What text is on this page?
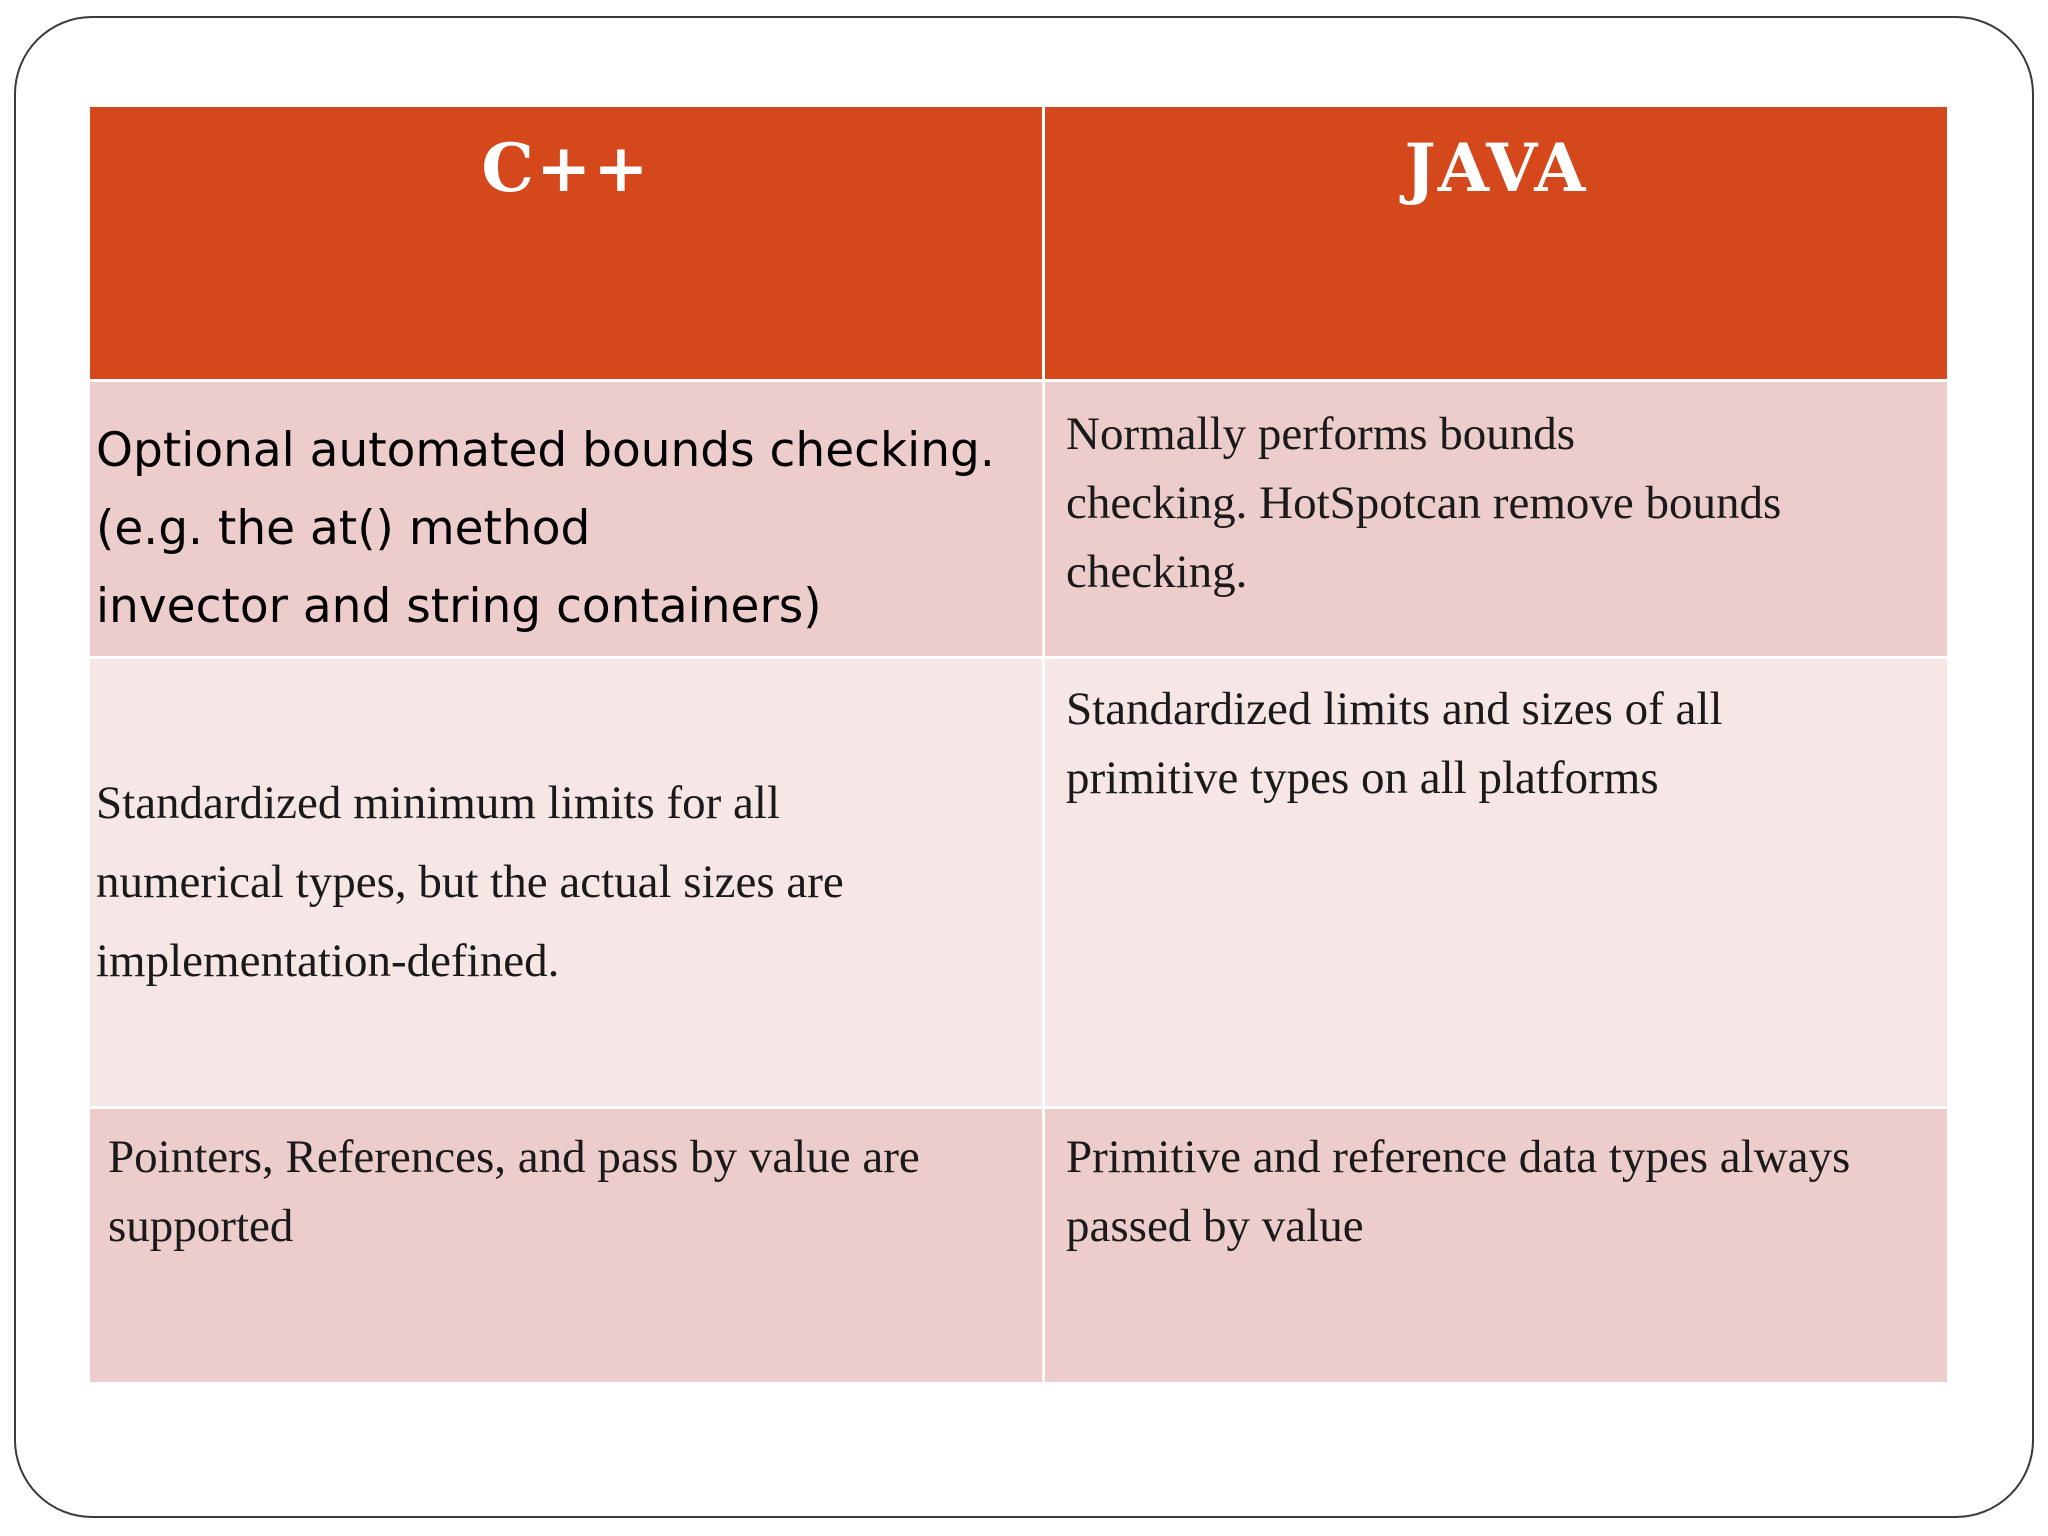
C++	JAVA

Optional automated bounds checking.
(e.g. the at() method
invector and string containers)	Normally performs bounds
checking. HotSpotcan remove bounds
checking.

Standardized minimum limits for all
numerical types, but the actual sizes are
implementation-defined.	Standardized limits and sizes of all
primitive types on all platforms

Pointers, References, and pass by value are
supported	Primitive and reference data types always
passed by value
